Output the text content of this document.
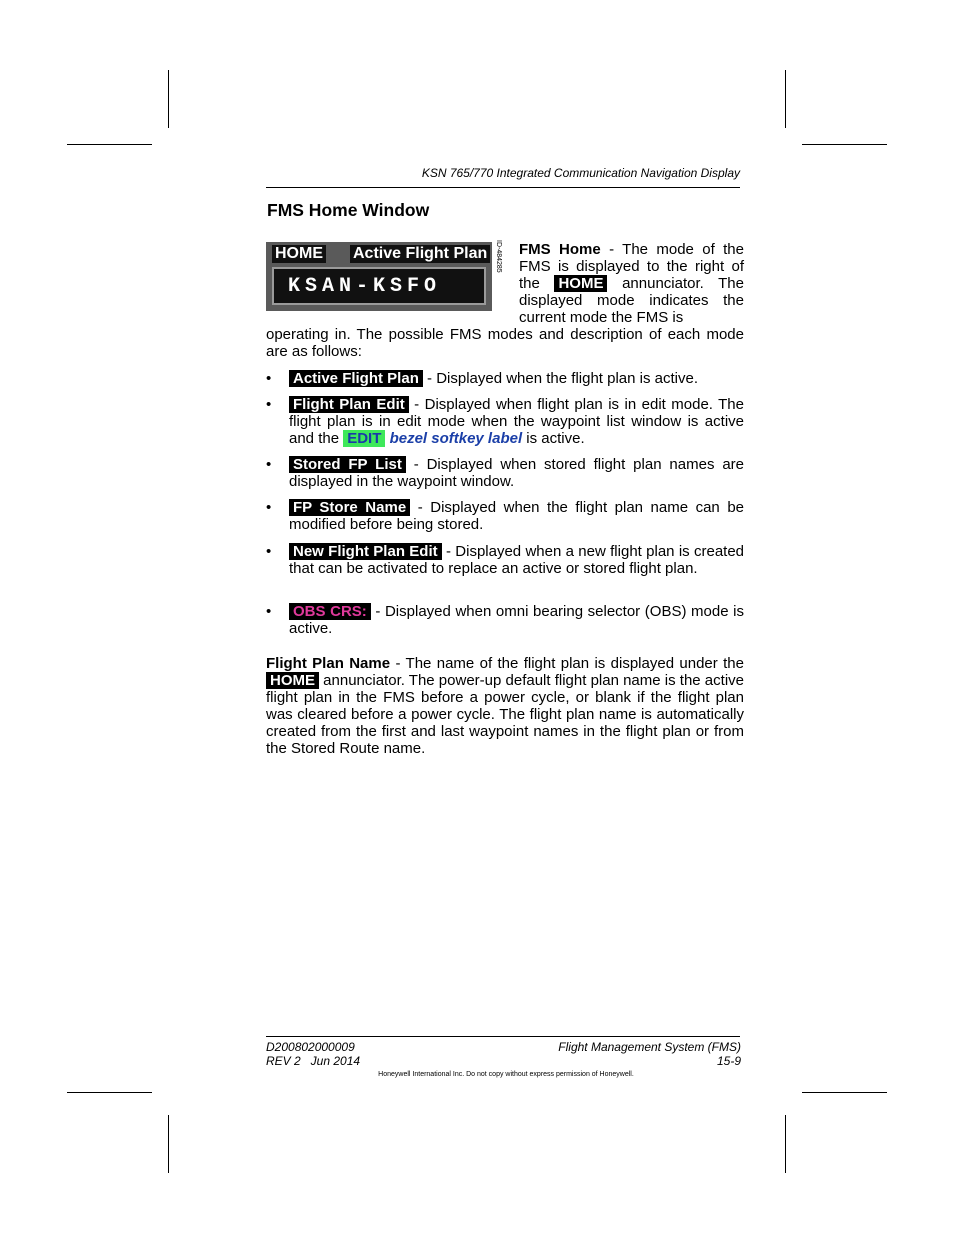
KSN 765/770 Integrated Communication Navigation Display
FMS Home Window
HOME Active Flight Plan
KSAN-KSFO
ID-484285 FMS Home - The mode of the FMS is displayed to the right of the HOME annunciator. The displayed mode indicates the current mode the FMS is
operating in. The possible FMS modes and description of each mode are as follows:
•	Active Flight Plan - Displayed when the flight plan is active.
•	Flight Plan Edit - Displayed when flight plan is in edit mode. The flight plan is in edit mode when the waypoint list window is active and the EDIT bezel softkey label is active.
•	Stored FP List - Displayed when stored flight plan names are displayed in the waypoint window.
•	FP Store Name - Displayed when the flight plan name can be modified before being stored.
•	New Flight Plan Edit - Displayed when a new flight plan is created that can be activated to replace an active or stored flight plan.
•	OBS CRS: - Displayed when omni bearing selector (OBS) mode is active.
Flight Plan Name - The name of the flight plan is displayed under the HOME annunciator. The power-up default flight plan name is the active flight plan in the FMS before a power cycle, or blank if the flight plan was cleared before a power cycle. The flight plan name is automatically created from the first and last waypoint names in the flight plan or from the Stored Route name.
D200802000009
REV 2   Jun 2014
Flight Management System (FMS)
15-9
Honeywell International Inc. Do not copy without express permission of Honeywell.
